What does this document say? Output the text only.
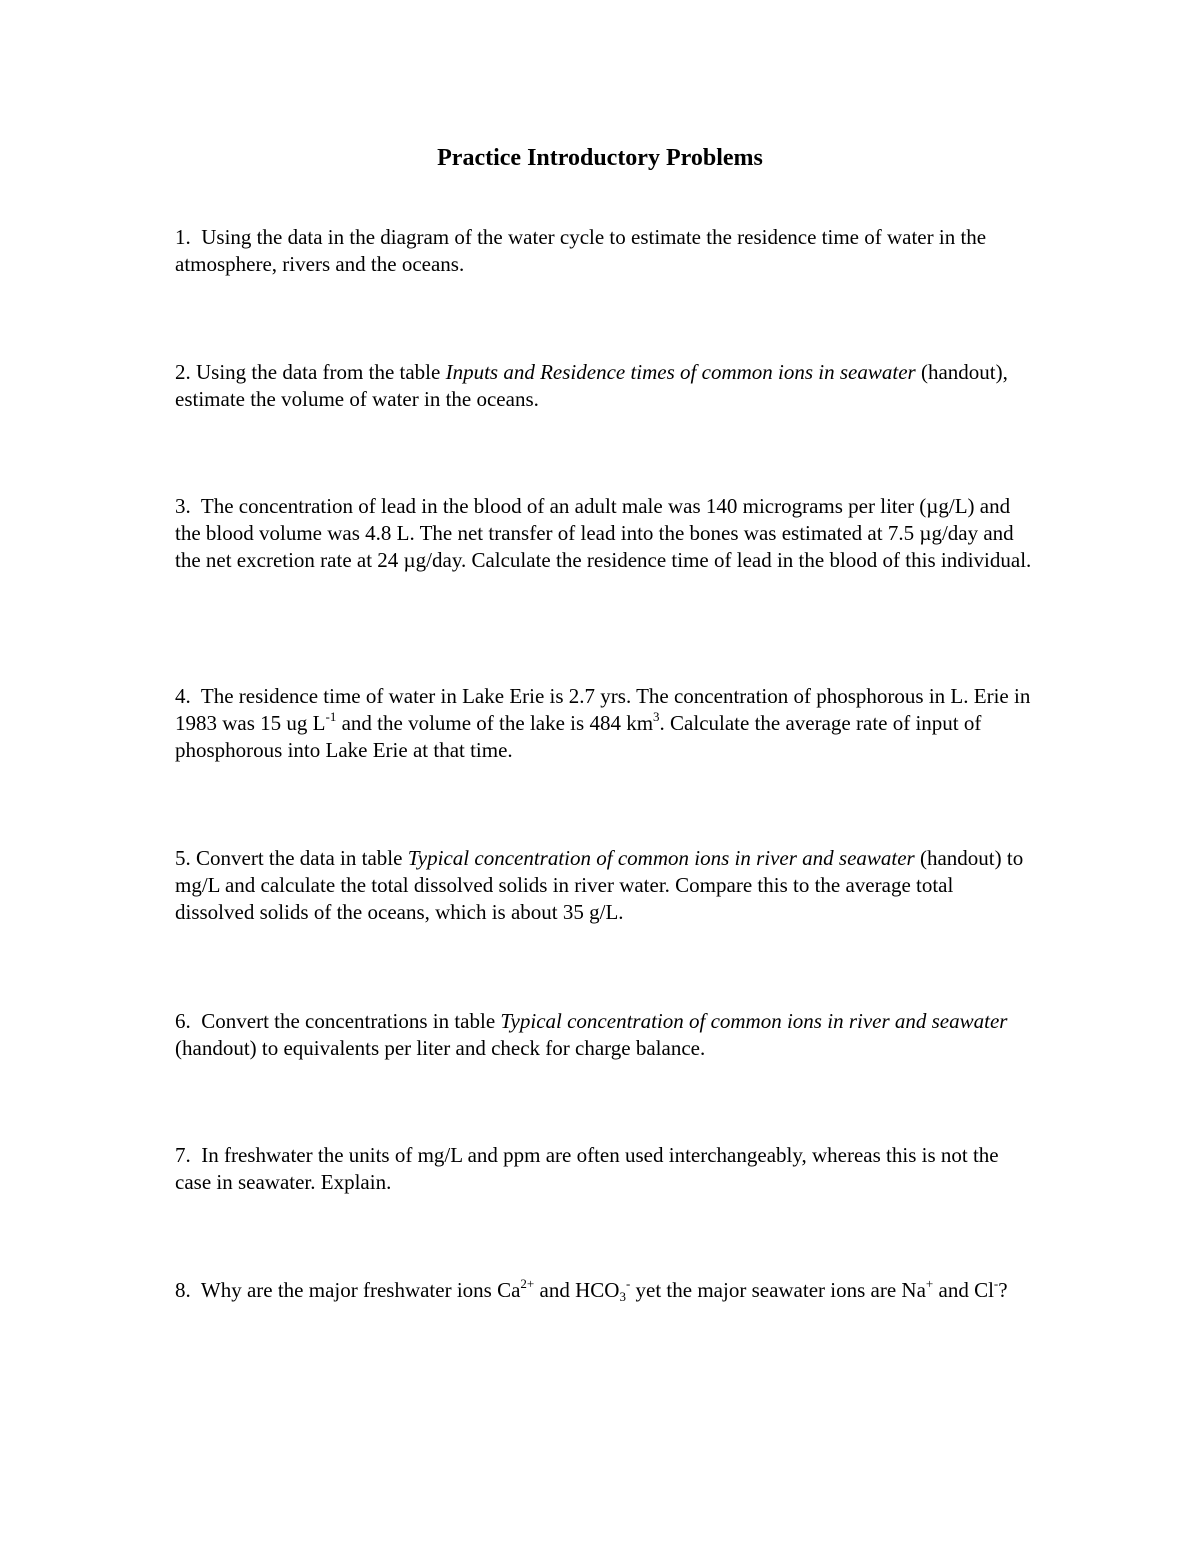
Practice Introductory Problems

1. Using the data in the diagram of the water cycle to estimate the residence time of water in the atmosphere, rivers and the oceans.

2. Using the data from the table Inputs and Residence times of common ions in seawater (handout), estimate the volume of water in the oceans.

3. The concentration of lead in the blood of an adult male was 140 micrograms per liter (µg/L) and the blood volume was 4.8 L. The net transfer of lead into the bones was estimated at 7.5 µg/day and the net excretion rate at 24 µg/day. Calculate the residence time of lead in the blood of this individual.

4. The residence time of water in Lake Erie is 2.7 yrs. The concentration of phosphorous in L. Erie in 1983 was 15 ug $L^{-1}$ and the volume of the lake is 484 $km^3$. Calculate the average rate of input of phosphorous into Lake Erie at that time.

5. Convert the data in table Typical concentration of common ions in river and seawater (handout) to mg/L and calculate the total dissolved solids in river water. Compare this to the average total dissolved solids of the oceans, which is about 35 g/L.

6. Convert the concentrations in table Typical concentration of common ions in river and seawater (handout) to equivalents per liter and check for charge balance.

7. In freshwater the units of mg/L and ppm are often used interchangeably, whereas this is not the case in seawater. Explain.

8. Why are the major freshwater ions $Ca^{2+}$ and $HCO_3^-$ yet the major seawater ions are Na+ and Cl-?
